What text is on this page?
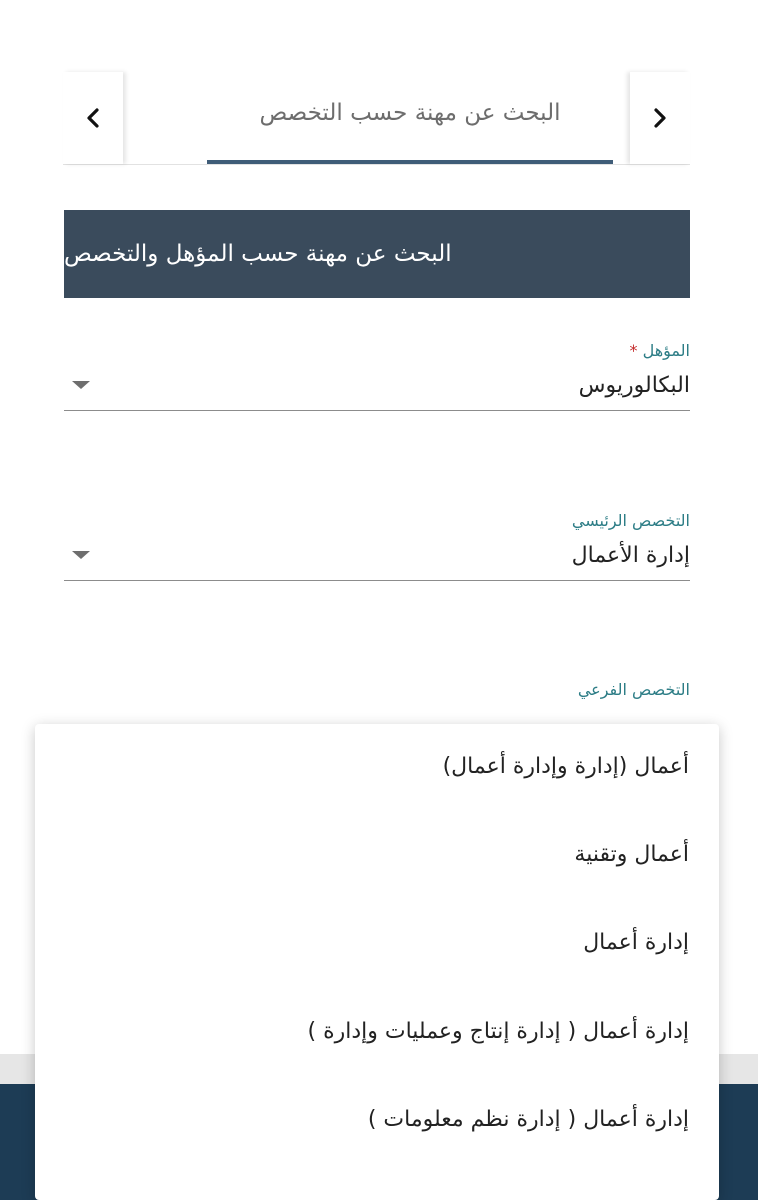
البحث عن مهنة حسب التخصص
البحث عن مهنة حسب المؤهل والتخصص
المؤهل *
البكالوريوس
التخصص الرئيسي
إدارة الأعمال
التخصص الفرعي
أعمال (إدارة وإدارة أعمال)
أعمال وتقنية
إدارة أعمال
إدارة أعمال ( إدارة إنتاج وعمليات وإدارة )
إدارة أعمال ( إدارة نظم معلومات )
